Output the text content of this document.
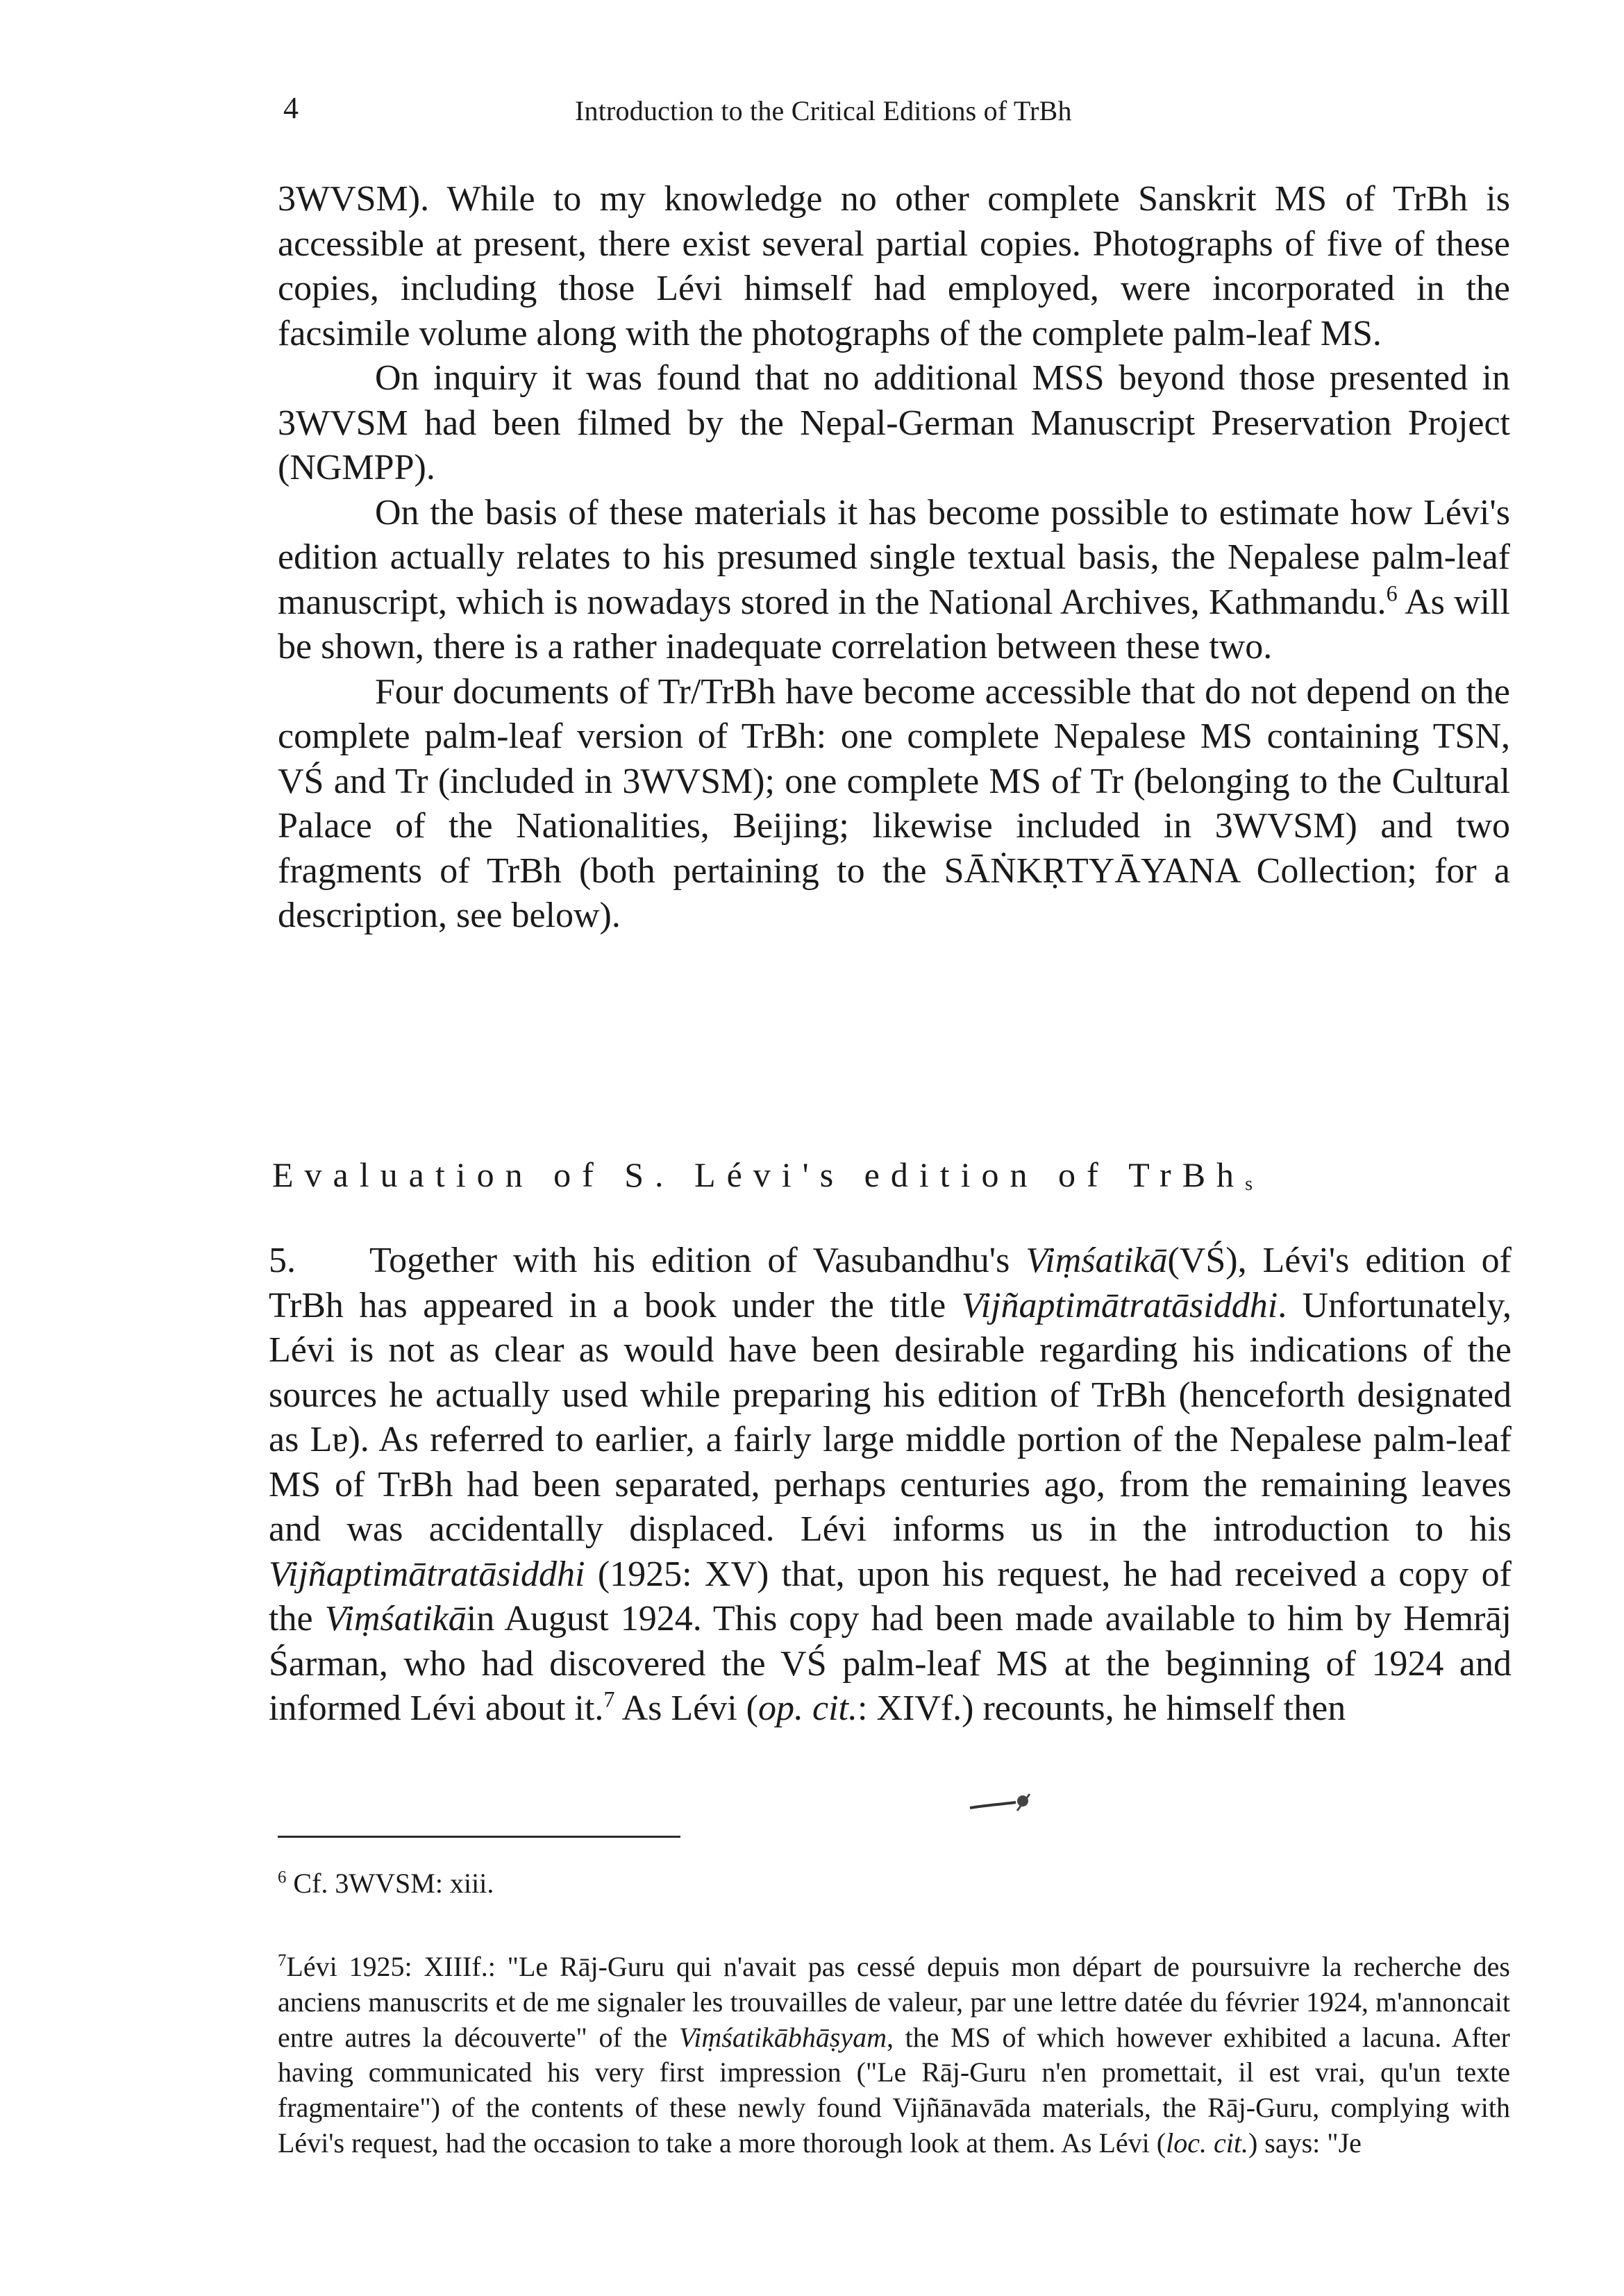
4	Introduction to the Critical Editions of TrBh

3WVSM). While to my knowledge no other complete Sanskrit MS of TrBh is accessible at present, there exist several partial copies. Photographs of five of these copies, including those Lévi himself had employed, were incorporated in the facsimile volume along with the photographs of the complete palm-leaf MS.

On inquiry it was found that no additional MSS beyond those presented in 3WVSM had been filmed by the Nepal-German Manuscript Preservation Project (NGMPP).

On the basis of these materials it has become possible to estimate how Lévi's edition actually relates to his presumed single textual basis, the Nepalese palm-leaf manuscript, which is nowadays stored in the National Archives, Kathmandu.$^6$ As will be shown, there is a rather inadequate correlation between these two.

Four documents of Tr/TrBh have become accessible that do not depend on the complete palm-leaf version of TrBh: one complete Nepalese MS containing TSN, VŚ and Tr (included in 3WVSM); one complete MS of Tr (belonging to the Cultural Palace of the Nationalities, Beijing; likewise included in 3WVSM) and two fragments of TrBh (both pertaining to the SĀṄKṚTYĀYANA Collection; for a description, see below).

Evaluation of S. Lévi's edition of TrBh$_s$

5. Together with his edition of Vasubandhu's Viṃśatikā(VŚ), Lévi's edition of TrBh has appeared in a book under the title Vijñaptimātratāsiddhi. Unfortunately, Lévi is not as clear as would have been desirable regarding his indications of the sources he actually used while preparing his edition of TrBh (henceforth designated as Lɐ). As referred to earlier, a fairly large middle portion of the Nepalese palm-leaf MS of TrBh had been separated, perhaps centuries ago, from the remaining leaves and was accidentally displaced. Lévi informs us in the introduction to his Vijñaptimātratāsiddhi (1925: XV) that, upon his request, he had received a copy of the Viṃśatikāin August 1924. This copy had been made available to him by Hemrāj Śarman, who had discovered the VŚ palm-leaf MS at the beginning of 1924 and informed Lévi about it.$^7$ As Lévi (op. cit.: XIVf.) recounts, he himself then

$^6$ Cf. 3WVSM: xiii.

$^7$Lévi 1925: XIIIf.: "Le Rāj-Guru qui n'avait pas cessé depuis mon départ de poursuivre la recherche des anciens manuscrits et de me signaler les trouvailles de valeur, par une lettre datée du février 1924, m'annoncait entre autres la découverte" of the Viṃśatikābhāṣyam, the MS of which however exhibited a lacuna. After having communicated his very first impression ("Le Rāj-Guru n'en promettait, il est vrai, qu'un texte fragmentaire") of the contents of these newly found Vijñānavāda materials, the Rāj-Guru, complying with Lévi's request, had the occasion to take a more thorough look at them. As Lévi (loc. cit.) says: "Je
